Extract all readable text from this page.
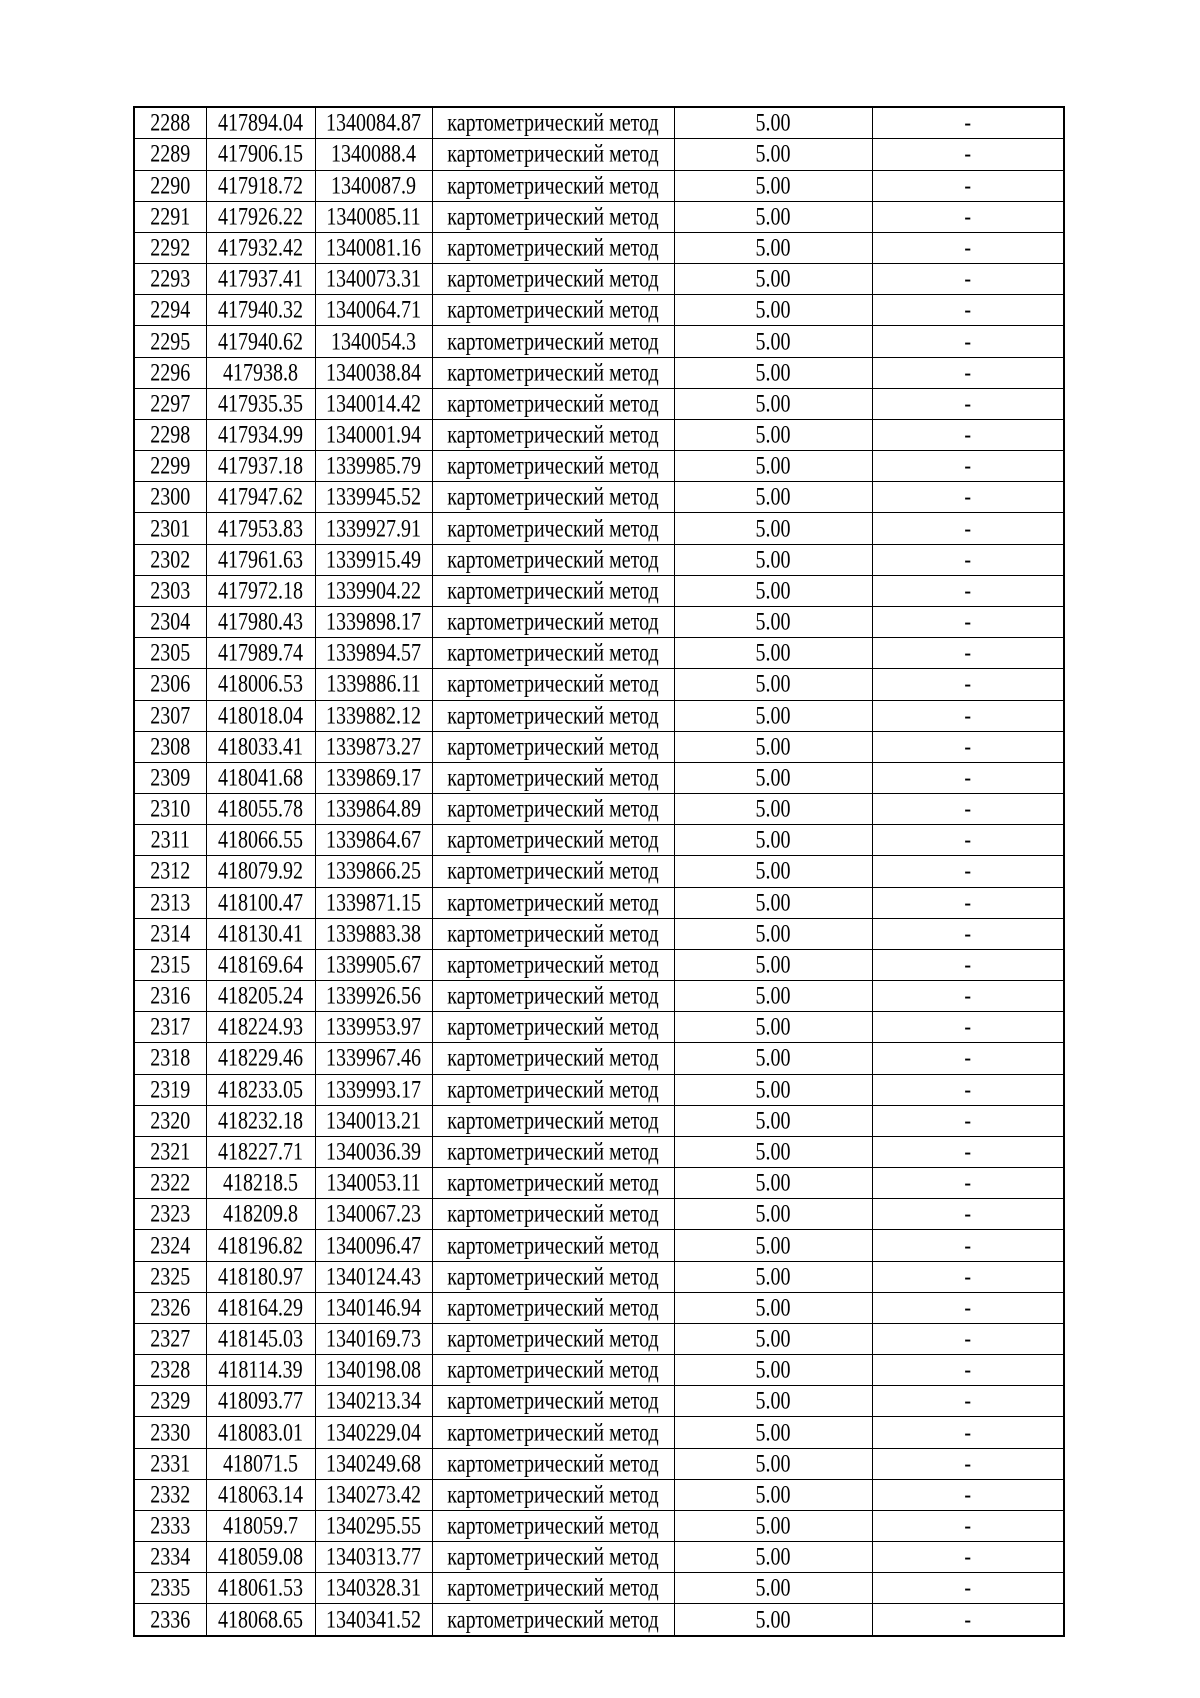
2288	417894.04	1340084.87	картометрический метод	5.00	-
2289	417906.15	1340088.4	картометрический метод	5.00	-
2290	417918.72	1340087.9	картометрический метод	5.00	-
2291	417926.22	1340085.11	картометрический метод	5.00	-
2292	417932.42	1340081.16	картометрический метод	5.00	-
2293	417937.41	1340073.31	картометрический метод	5.00	-
2294	417940.32	1340064.71	картометрический метод	5.00	-
2295	417940.62	1340054.3	картометрический метод	5.00	-
2296	417938.8	1340038.84	картометрический метод	5.00	-
2297	417935.35	1340014.42	картометрический метод	5.00	-
2298	417934.99	1340001.94	картометрический метод	5.00	-
2299	417937.18	1339985.79	картометрический метод	5.00	-
2300	417947.62	1339945.52	картометрический метод	5.00	-
2301	417953.83	1339927.91	картометрический метод	5.00	-
2302	417961.63	1339915.49	картометрический метод	5.00	-
2303	417972.18	1339904.22	картометрический метод	5.00	-
2304	417980.43	1339898.17	картометрический метод	5.00	-
2305	417989.74	1339894.57	картометрический метод	5.00	-
2306	418006.53	1339886.11	картометрический метод	5.00	-
2307	418018.04	1339882.12	картометрический метод	5.00	-
2308	418033.41	1339873.27	картометрический метод	5.00	-
2309	418041.68	1339869.17	картометрический метод	5.00	-
2310	418055.78	1339864.89	картометрический метод	5.00	-
2311	418066.55	1339864.67	картометрический метод	5.00	-
2312	418079.92	1339866.25	картометрический метод	5.00	-
2313	418100.47	1339871.15	картометрический метод	5.00	-
2314	418130.41	1339883.38	картометрический метод	5.00	-
2315	418169.64	1339905.67	картометрический метод	5.00	-
2316	418205.24	1339926.56	картометрический метод	5.00	-
2317	418224.93	1339953.97	картометрический метод	5.00	-
2318	418229.46	1339967.46	картометрический метод	5.00	-
2319	418233.05	1339993.17	картометрический метод	5.00	-
2320	418232.18	1340013.21	картометрический метод	5.00	-
2321	418227.71	1340036.39	картометрический метод	5.00	-
2322	418218.5	1340053.11	картометрический метод	5.00	-
2323	418209.8	1340067.23	картометрический метод	5.00	-
2324	418196.82	1340096.47	картометрический метод	5.00	-
2325	418180.97	1340124.43	картометрический метод	5.00	-
2326	418164.29	1340146.94	картометрический метод	5.00	-
2327	418145.03	1340169.73	картометрический метод	5.00	-
2328	418114.39	1340198.08	картометрический метод	5.00	-
2329	418093.77	1340213.34	картометрический метод	5.00	-
2330	418083.01	1340229.04	картометрический метод	5.00	-
2331	418071.5	1340249.68	картометрический метод	5.00	-
2332	418063.14	1340273.42	картометрический метод	5.00	-
2333	418059.7	1340295.55	картометрический метод	5.00	-
2334	418059.08	1340313.77	картометрический метод	5.00	-
2335	418061.53	1340328.31	картометрический метод	5.00	-
2336	418068.65	1340341.52	картометрический метод	5.00	-
